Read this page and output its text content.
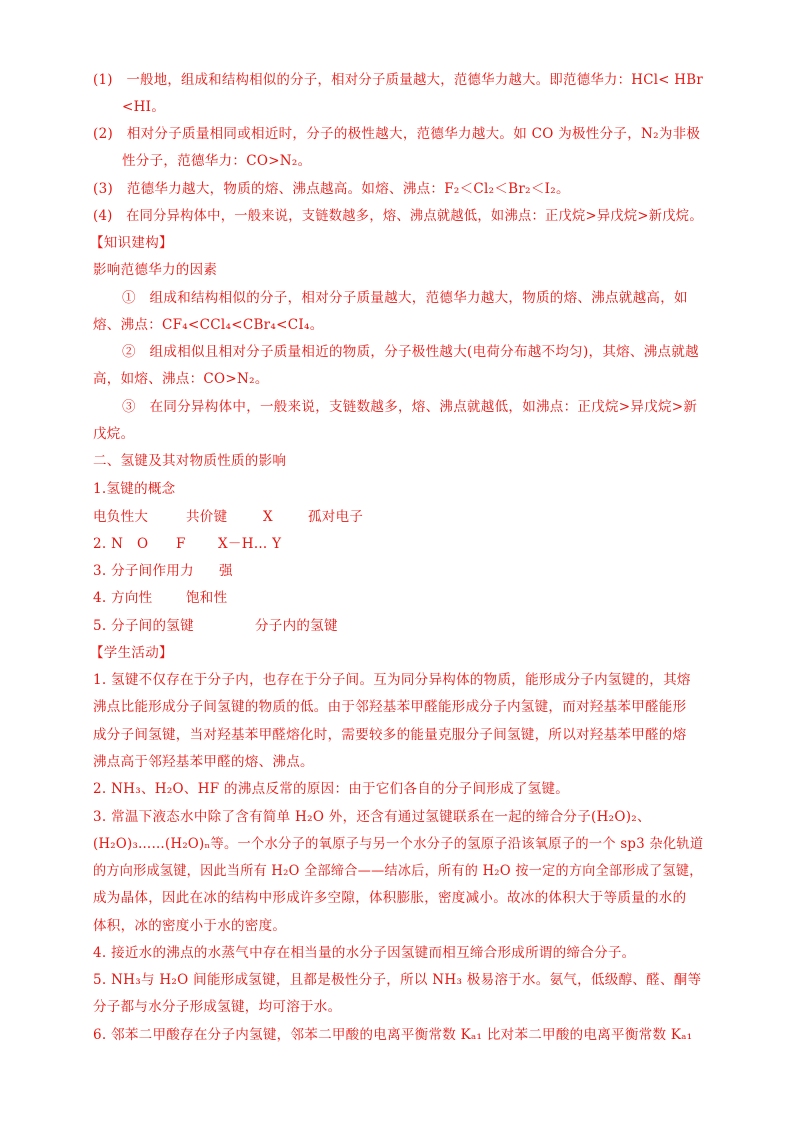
(1)　一般地，组成和结构相似的分子，相对分子质量越大，范德华力越大。即范德华力：HCl< HBr
<HI。
(2)　相对分子质量相同或相近时，分子的极性越大，范德华力越大。如 CO 为极性分子，N₂为非极
性分子，范德华力：CO>N₂。
(3)　范德华力越大，物质的熔、沸点越高。如熔、沸点：F₂＜Cl₂＜Br₂＜I₂。
(4)　在同分异构体中，一般来说，支链数越多，熔、沸点就越低，如沸点：正戊烷>异戊烷>新戊烷。
【知识建构】
影响范德华力的因素
①　组成和结构相似的分子，相对分子质量越大，范德华力越大，物质的熔、沸点就越高，如
熔、沸点：CF₄<CCl₄<CBr₄<CI₄。
②　组成相似且相对分子质量相近的物质，分子极性越大(电荷分布越不均匀)，其熔、沸点就越
高，如熔、沸点：CO>N₂。
③　在同分异构体中，一般来说，支链数越多，熔、沸点就越低，如沸点：正戊烷>异戊烷>新
戊烷。
二、氢键及其对物质性质的影响
1.氢键的概念
电负性大	共价键	X	孤对电子
2. N　O　　F X－H… Y
3. 分子间作用力 强
4. 方向性 饱和性
5. 分子间的氢键	分子内的氢键
【学生活动】
1. 氢键不仅存在于分子内，也存在于分子间。互为同分异构体的物质，能形成分子内氢键的，其熔
沸点比能形成分子间氢键的物质的低。由于邻羟基苯甲醛能形成分子内氢键，而对羟基苯甲醛能形
成分子间氢键，当对羟基苯甲醛熔化时，需要较多的能量克服分子间氢键，所以对羟基苯甲醛的熔
沸点高于邻羟基苯甲醛的熔、沸点。
2. NH₃、H₂O、HF 的沸点反常的原因：由于它们各自的分子间形成了氢键。
3. 常温下液态水中除了含有简单 H₂O 外，还含有通过氢键联系在一起的缔合分子(H₂O)₂、
(H₂O)₃……(H₂O)ₙ等。一个水分子的氧原子与另一个水分子的氢原子沿该氧原子的一个 sp3 杂化轨道
的方向形成氢键，因此当所有 H₂O 全部缔合——结冰后，所有的 H₂O 按一定的方向全部形成了氢键，
成为晶体，因此在冰的结构中形成许多空隙，体积膨胀，密度减小。故冰的体积大于等质量的水的
体积，冰的密度小于水的密度。
4. 接近水的沸点的水蒸气中存在相当量的水分子因氢键而相互缔合形成所谓的缔合分子。
5. NH₃与 H₂O 间能形成氢键，且都是极性分子，所以 NH₃ 极易溶于水。氨气，低级醇、醛、酮等
分子都与水分子形成氢键，均可溶于水。
6. 邻苯二甲酸存在分子内氢键，邻苯二甲酸的电离平衡常数 Kₐ₁ 比对苯二甲酸的电离平衡常数 Kₐ₁
